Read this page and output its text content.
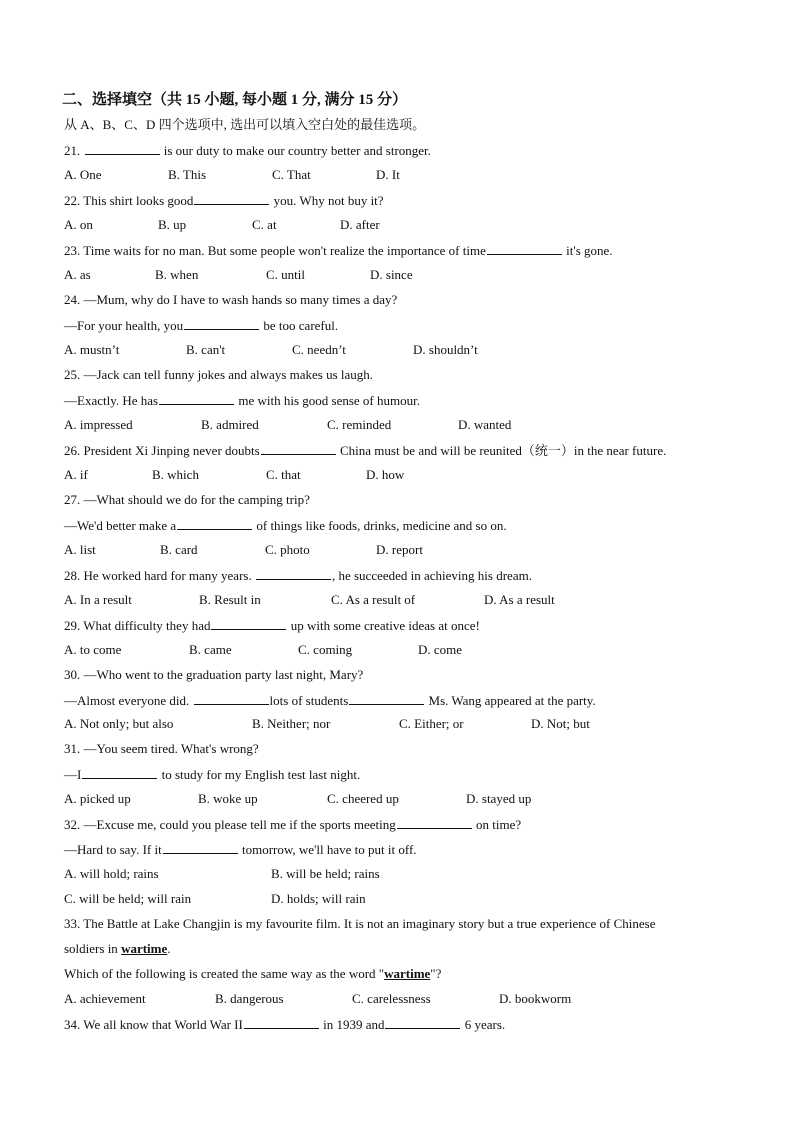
二、选择填空（共 15 小题, 每小题 1 分, 满分 15 分）
从 A、B、C、D 四个选项中, 选出可以填入空白处的最佳选项。
21.	is our duty to make our country better and stronger.
A. One	B. This	C. That	D. It
22. This shirt looks good	you. Why not buy it?
A. on	B. up	C. at	D. after
23. Time waits for no man. But some people won't realize the importance of time	it's gone.
A. as	B. when	C. until	D. since
24. —Mum, why do I have to wash hands so many times a day?
—For your health, you	be too careful.
A. mustn’t	B. can't	C. needn’t	D. shouldn’t
25. —Jack can tell funny jokes and always makes us laugh.
—Exactly. He has	me with his good sense of humour.
A. impressed	B. admired	C. reminded	D. wanted
26. President Xi Jinping never doubts	China must be and will be reunited（统一）in the near future.
A. if	B. which	C. that	D. how
27. —What should we do for the camping trip?
—We'd better make a	of things like foods, drinks, medicine and so on.
A. list	B. card	C. photo	D. report
28. He worked hard for many years.	, he succeeded in achieving his dream.
A. In a result	B. Result in	C. As a result of	D. As a result
29. What difficulty they had	up with some creative ideas at once!
A. to come	B. came	C. coming	D. come
30. —Who went to the graduation party last night, Mary?
—Almost everyone did.	lots of students	Ms. Wang appeared at the party.
A. Not only; but also	B. Neither; nor	C. Either; or	D. Not; but
31. —You seem tired. What's wrong?
—I	to study for my English test last night.
A. picked up	B. woke up	C. cheered up	D. stayed up
32. —Excuse me, could you please tell me if the sports meeting	on time?
—Hard to say. If it	tomorrow, we'll have to put it off.
A. will hold; rains	B. will be held; rains
C. will be held; will rain	D. holds; will rain
33. The Battle at Lake Changjin is my favourite film. It is not an imaginary story but a true experience of Chinese
soldiers in wartime.
Which of the following is created the same way as the word "wartime"?
A. achievement	B. dangerous	C. carelessness	D. bookworm
34. We all know that World War II	in 1939 and	6 years.
